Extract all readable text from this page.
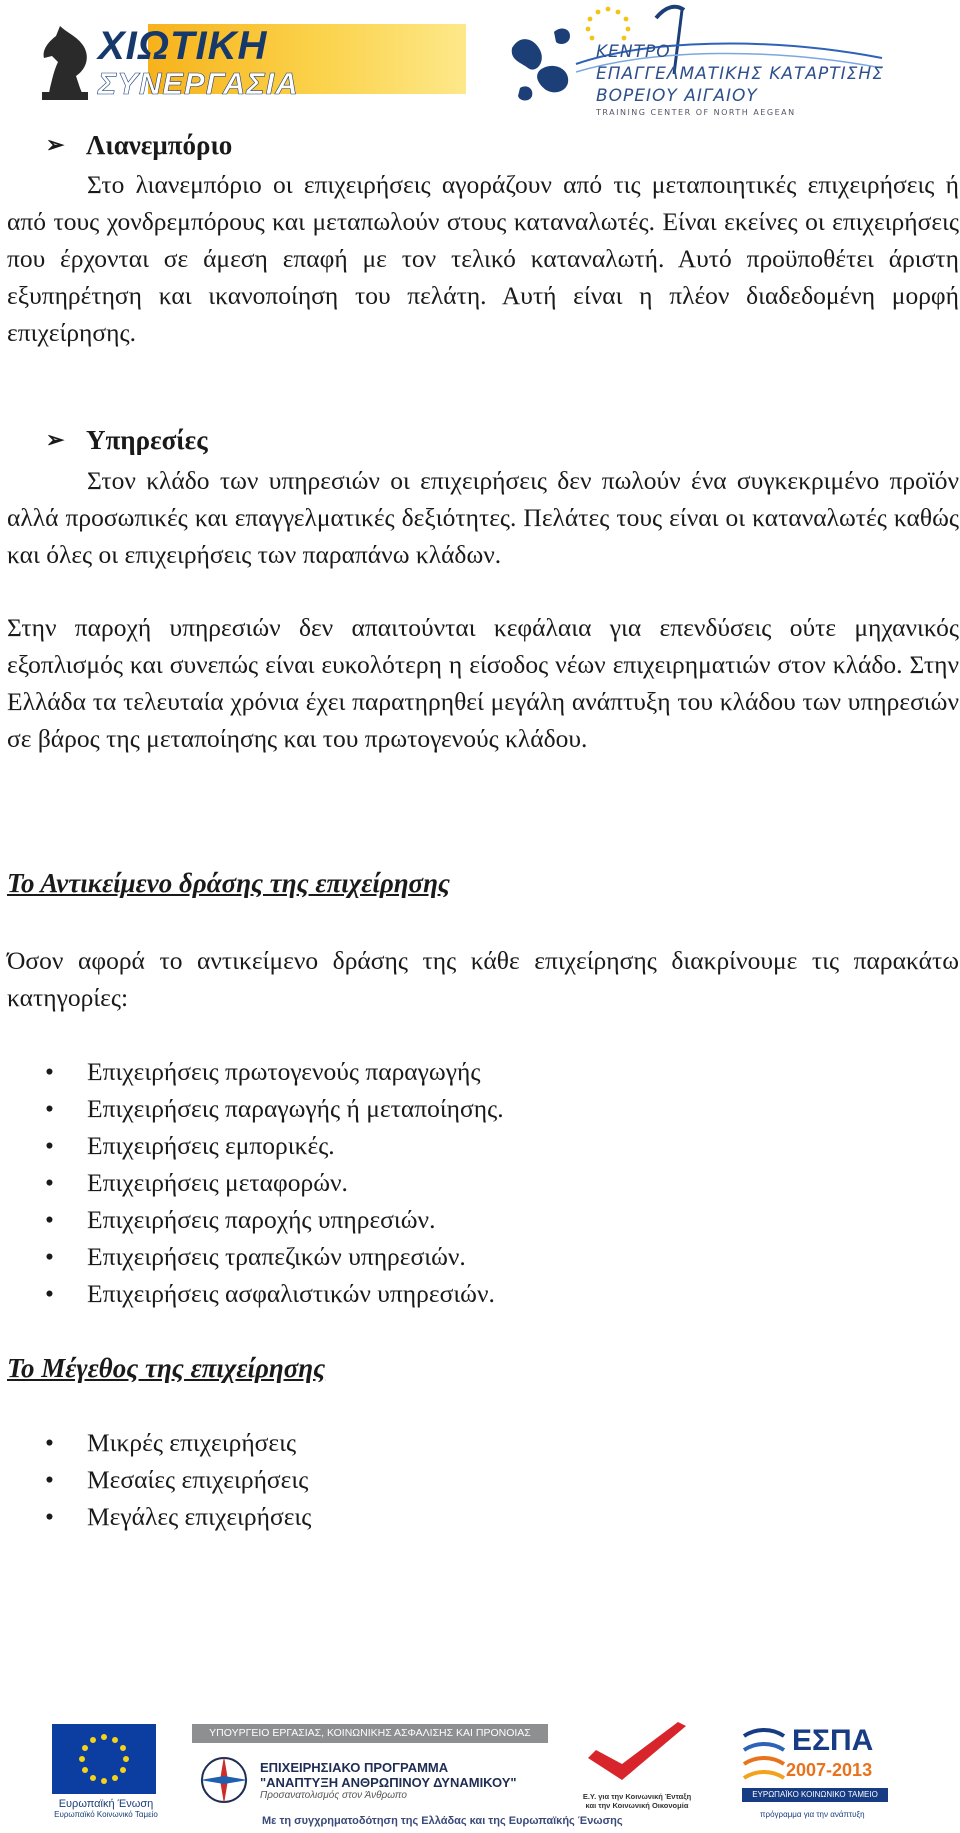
ΧΙΩΤΙΚΗ
ΣΥΝΕΡΓΑΣΙΑ
ΚΕΝΤΡΟ
ΕΠΑΓΓΕΛΜΑΤΙΚΗΣ ΚΑΤΑΡΤΙΣΗΣ
ΒΟΡΕΙΟΥ ΑΙΓΑΙΟΥ
TRAINING CENTER OF NORTH AEGEAN
➢ Λιανεμπόριο

Στο λιανεμπόριο οι επιχειρήσεις αγοράζουν από τις μεταποιητικές επιχειρήσεις ή από τους χονδρεμπόρους και μεταπωλούν στους καταναλωτές. Είναι εκείνες οι επιχειρήσεις που έρχονται σε άμεση επαφή με τον τελικό καταναλωτή. Αυτό προϋποθέτει άριστη εξυπηρέτηση και ικανοποίηση του πελάτη. Αυτή είναι η πλέον διαδεδομένη μορφή επιχείρησης.

➢ Υπηρεσίες

Στον κλάδο των υπηρεσιών οι επιχειρήσεις δεν πωλούν ένα συγκεκριμένο προϊόν αλλά προσωπικές και επαγγελματικές δεξιότητες. Πελάτες τους είναι οι καταναλωτές καθώς και όλες οι επιχειρήσεις των παραπάνω κλάδων.

Στην παροχή υπηρεσιών δεν απαιτούνται κεφάλαια για επενδύσεις ούτε μηχανικός εξοπλισμός και συνεπώς είναι ευκολότερη η είσοδος νέων επιχειρηματιών στον κλάδο. Στην Ελλάδα τα τελευταία χρόνια έχει παρατηρηθεί μεγάλη ανάπτυξη του κλάδου των υπηρεσιών σε βάρος της μεταποίησης και του πρωτογενούς κλάδου.

Το Αντικείμενο δράσης της επιχείρησης

Όσον αφορά το αντικείμενο δράσης της κάθε επιχείρησης διακρίνουμε τις παρακάτω κατηγορίες:

• Επιχειρήσεις πρωτογενούς παραγωγής
• Επιχειρήσεις παραγωγής ή μεταποίησης.
• Επιχειρήσεις εμπορικές.
• Επιχειρήσεις μεταφορών.
• Επιχειρήσεις παροχής υπηρεσιών.
• Επιχειρήσεις τραπεζικών υπηρεσιών.
• Επιχειρήσεις ασφαλιστικών υπηρεσιών.
Το Μέγεθος της επιχείρησης
• Μικρές επιχειρήσεις
• Μεσαίες επιχειρήσεις
• Μεγάλες επιχειρήσεις
Ευρωπαϊκή Ένωση
Ευρωπαϊκό Κοινωνικό Ταμείο
ΥΠΟΥΡΓΕΙΟ ΕΡΓΑΣΙΑΣ, ΚΟΙΝΩΝΙΚΗΣ ΑΣΦΑΛΙΣΗΣ ΚΑΙ ΠΡΟΝΟΙΑΣ
ΕΠΙΧΕΙΡΗΣΙΑΚΟ ΠΡΟΓΡΑΜΜΑ
"ΑΝΑΠΤΥΞΗ ΑΝΘΡΩΠΙΝΟΥ ΔΥΝΑΜΙΚΟΥ"
Προσανατολισμός στον Άνθρωπο
Με τη συγχρηματοδότηση της Ελλάδας και της Ευρωπαϊκής Ένωσης
Ε.Υ. για την Κοινωνική Ένταξη και την Κοινωνική Οικονομία
ΕΣΠΑ
2007-2013
ΕΥΡΩΠΑΪΚΟ ΚΟΙΝΩΝΙΚΟ ΤΑΜΕΙΟ
πρόγραμμα για την ανάπτυξη
